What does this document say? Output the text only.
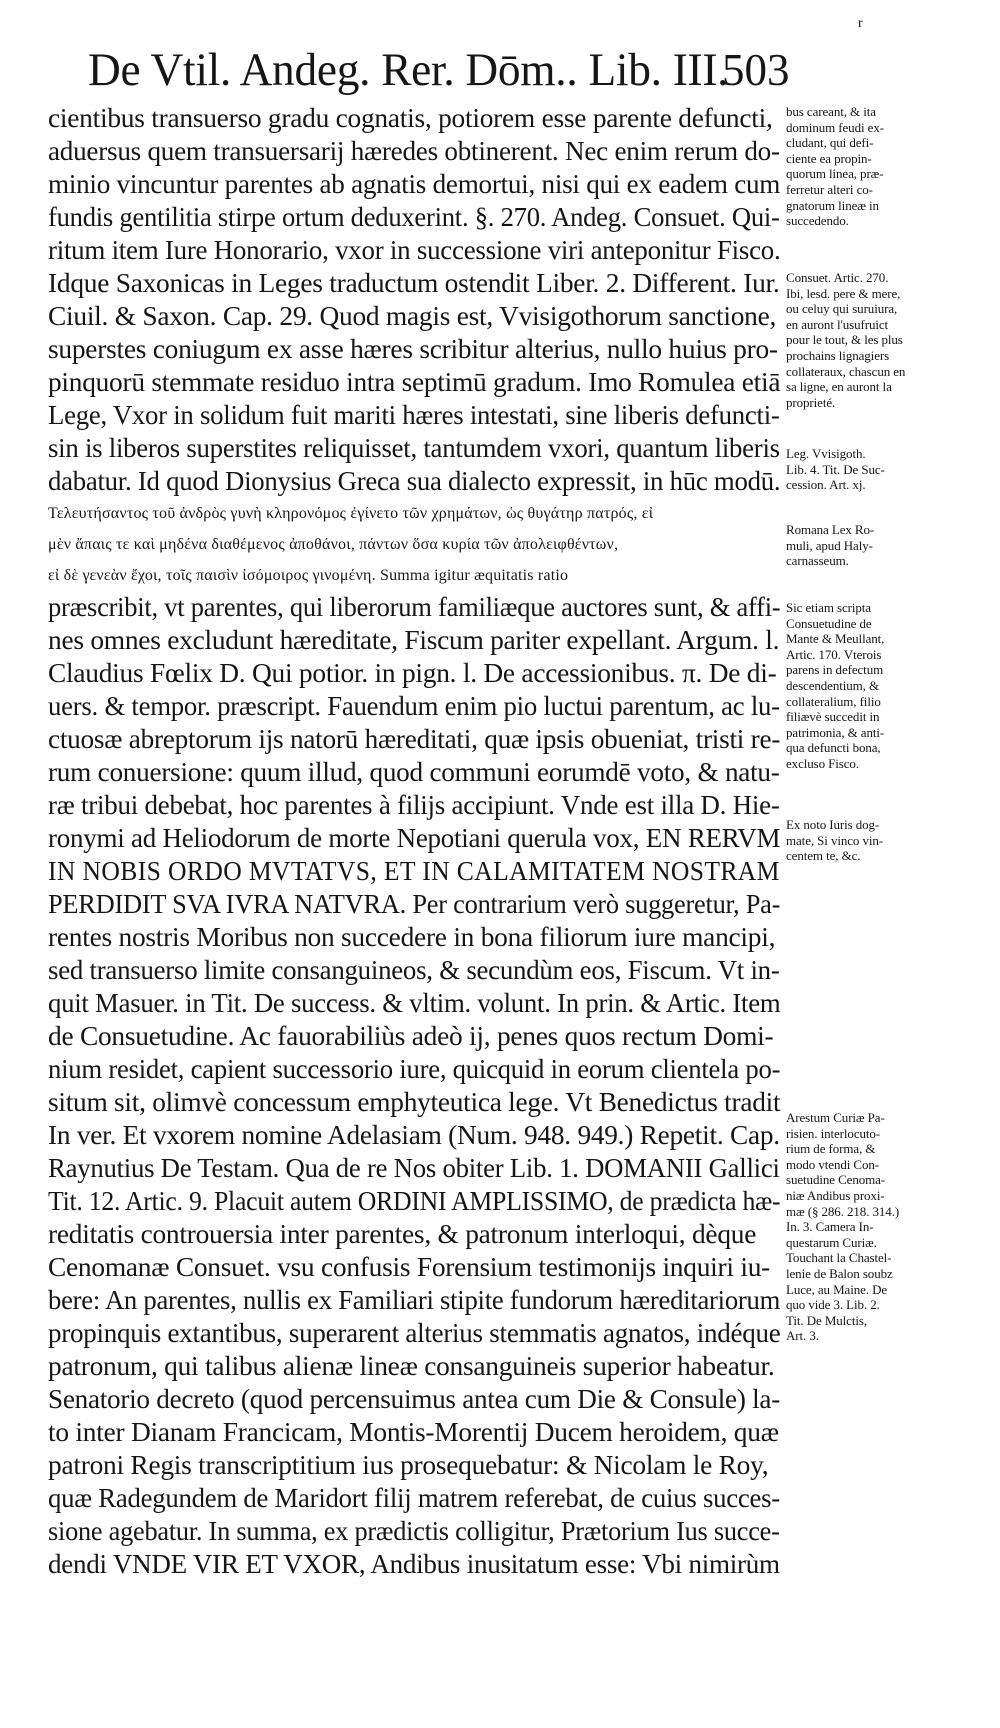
r
De Vtil. Andeg. Rer. Dōm.. Lib. III.
503
cientibus transuerso gradu cognatis, potiorem esse parente defuncti,
aduersus quem transuersarij hæredes obtinerent. Nec enim rerum do-
minio vincuntur parentes ab agnatis demortui, nisi qui ex eadem cum
fundis gentilitia stirpe ortum deduxerint. §. 270. Andeg. Consuet. Qui-
ritum item Iure Honorario, vxor in successione viri anteponitur Fisco.
Idque Saxonicas in Leges traductum ostendit Liber. 2. Different. Iur.
Ciuil. & Saxon. Cap. 29. Quod magis est, Vvisigothorum sanctione,
superstes coniugum ex asse hæres scribitur alterius, nullo huius pro-
pinquorū stemmate residuo intra septimū gradum. Imo Romulea etiā
Lege, Vxor in solidum fuit mariti hæres intestati, sine liberis defuncti-
sin is liberos superstites reliquisset, tantumdem vxori, quantum liberis
dabatur. Id quod Dionysius Greca sua dialecto expressit, in hūc modū.
Τελευτήσαντος τοῦ ἀνδρὸς γυνὴ κληρονόμος ἐγίνετο τῶν χρημάτων, ὡς θυγάτηρ πατρός, εἰ
μὲν ἄπαις τε καὶ μηδένα διαθέμενος ἀποθάνοι, πάντων ὅσα κυρία τῶν ἀπολειφθέντων,
εἰ δὲ γενεὰν ἔχοι, τοῖς παισὶν ἰσόμοιρος γινομένη. Summa igitur æquitatis ratio
præscribit, vt parentes, qui liberorum familiæque auctores sunt, & affi-
nes omnes excludunt hæreditate, Fiscum pariter expellant. Argum. l.
Claudius Fœlix D. Qui potior. in pign. l. De accessionibus. π. De di-
uers. & tempor. præscript. Fauendum enim pio luctui parentum, ac lu-
ctuosæ abreptorum ijs natorū hæreditati, quæ ipsis obueniat, tristi re-
rum conuersione: quum illud, quod communi eorumdē voto, & natu-
ræ tribui debebat, hoc parentes à filijs accipiunt. Vnde est illa D. Hie-
ronymi ad Heliodorum de morte Nepotiani querula vox, EN RERVM
IN NOBIS ORDO MVTATVS, ET IN CALAMITATEM NOSTRAM
PERDIDIT SVA IVRA NATVRA. Per contrarium verò suggeretur, Pa-
rentes nostris Moribus non succedere in bona filiorum iure mancipi,
sed transuerso limite consanguineos, & secundùm eos, Fiscum. Vt in-
quit Masuer. in Tit. De success. & vltim. volunt. In prin. & Artic. Item
de Consuetudine. Ac fauorabiliùs adeò ij, penes quos rectum Domi-
nium residet, capient successorio iure, quicquid in eorum clientela po-
situm sit, olimvè concessum emphyteutica lege. Vt Benedictus tradit
In ver. Et vxorem nomine Adelasiam (Num. 948. 949.) Repetit. Cap.
Raynutius De Testam. Qua de re Nos obiter Lib. 1. DOMANII Gallici
Tit. 12. Artic. 9. Placuit autem ORDINI AMPLISSIMO, de prædicta hæ-
reditatis controuersia inter parentes, & patronum interloqui, dèque
Cenomanæ Consuet. vsu confusis Forensium testimonijs inquiri iu-
bere: An parentes, nullis ex Familiari stipite fundorum hæreditariorum
propinquis extantibus, superarent alterius stemmatis agnatos, indéque
patronum, qui talibus alienæ lineæ consanguineis superior habeatur.
Senatorio decreto (quod percensuimus antea cum Die & Consule) la-
to inter Dianam Francicam, Montis-Morentij Ducem heroidem, quæ
patroni Regis transcriptitium ius prosequebatur: & Nicolam le Roy,
quæ Radegundem de Maridort filij matrem referebat, de cuius succes-
sione agebatur. In summa, ex prædictis colligitur, Prætorium Ius succe-
dendi VNDE VIR ET VXOR, Andibus inusitatum esse: Vbi nimirùm
bus careant, & ita
dominum feudi ex-
cludant, qui defi-
ciente ea propin-
quorum linea, præ-
ferretur alteri co-
gnatorum lineæ in
succedendo.
Consuet. Artic. 270.
Ibi, lesd. pere & mere,
ou celuy qui suruiura,
en auront l'usufruict
pour le tout, & les plus
prochains lignagiers
collateraux, chascun en
sa ligne, en auront la
proprieté.
Leg. Vvisigoth.
Lib. 4. Tit. De Suc-
cession. Art. xj.
Romana Lex Ro-
muli, apud Haly-
carnasseum.
Sic etiam scripta
Consuetudine de
Mante & Meullant,
Artic. 170. Vterois
parens in defectum
descendentium, &
collateralium, filio
filiævè succedit in
patrimonia, & anti-
qua defuncti bona,
excluso Fisco.
Ex noto Iuris dog-
mate, Si vinco vin-
centem te, &c.
Arestum Curiæ Pa-
risien. interlocuto-
rium de forma, &
modo vtendi Con-
suetudine Cenoma-
niæ Andibus proxi-
mæ (§ 286. 218. 314.)
In. 3. Camera In-
questarum Curiæ.
Touchant la Chastel-
lenie de Balon soubz
Luce, au Maine. De
quo vide 3. Lib. 2.
Tit. De Mulctis,
Art. 3.
